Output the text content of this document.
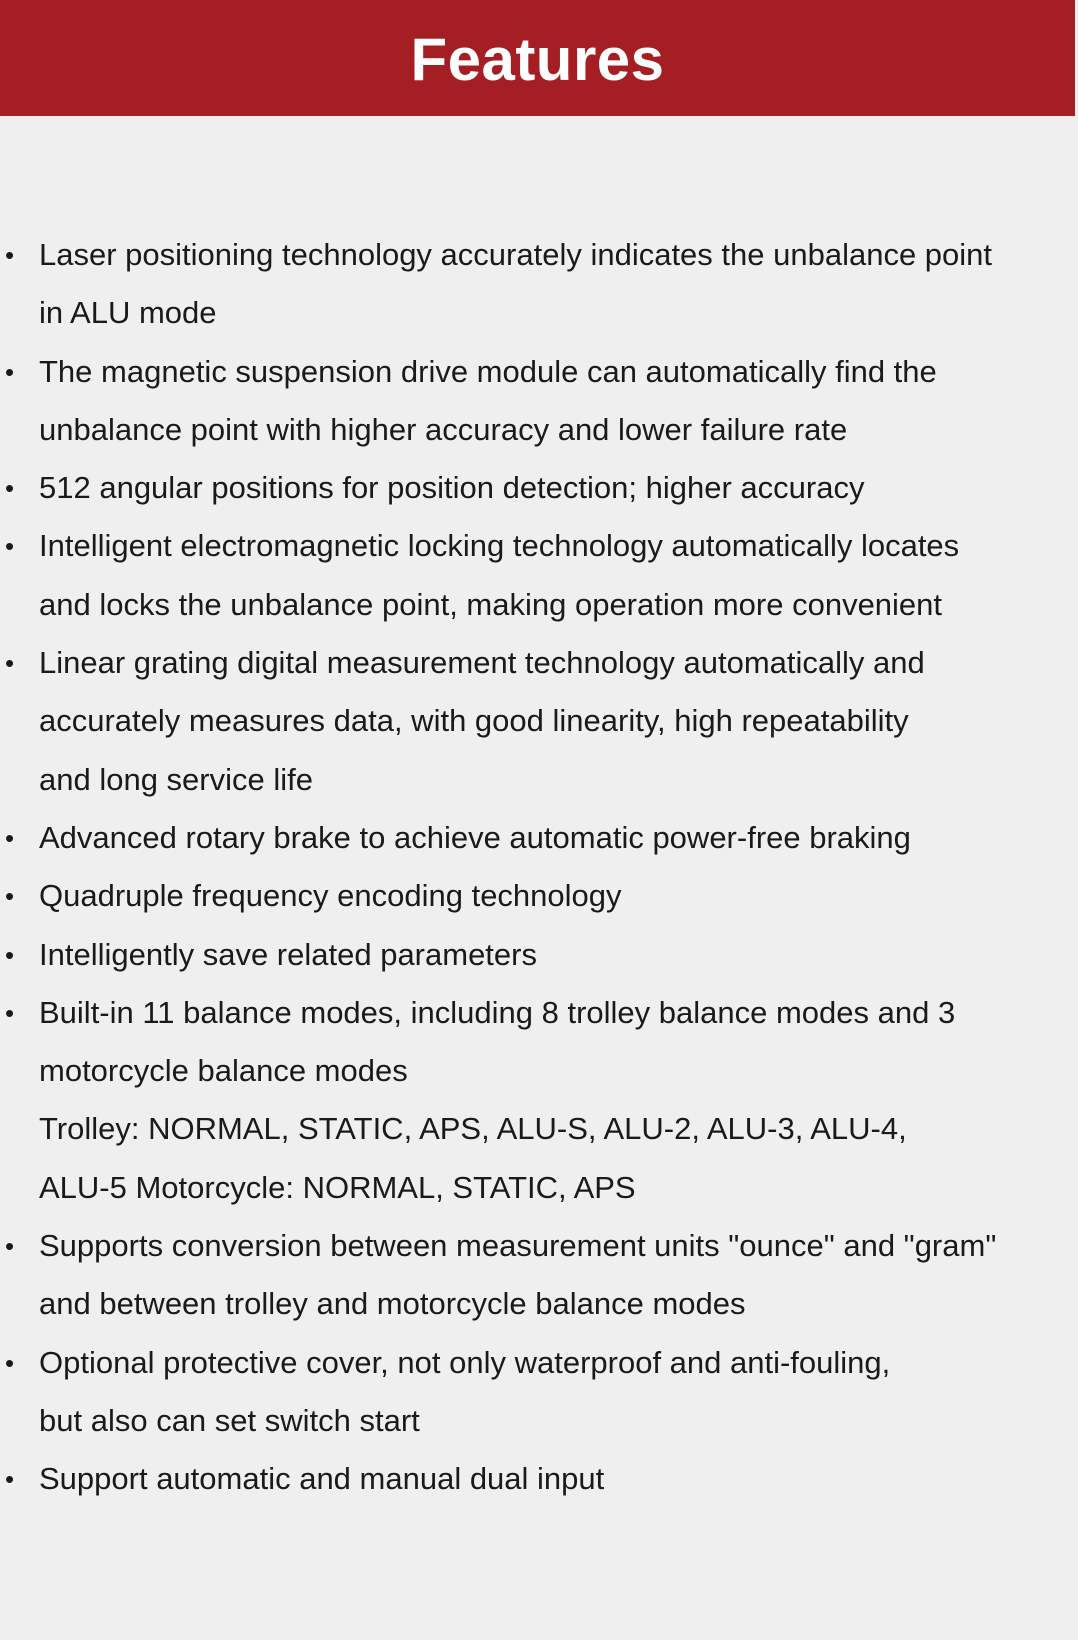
Features
• Laser positioning technology accurately indicates the unbalance point
in ALU mode
• The magnetic suspension drive module can automatically find the
unbalance point with higher accuracy and lower failure rate
• 512 angular positions for position detection; higher accuracy
• Intelligent electromagnetic locking technology automatically locates
and locks the unbalance point, making operation more convenient
• Linear grating digital measurement technology automatically and
accurately measures data, with good linearity, high repeatability
and long service life
• Advanced rotary brake to achieve automatic power-free braking
• Quadruple frequency encoding technology
• Intelligently save related parameters
• Built-in 11 balance modes, including 8 trolley balance modes and 3
motorcycle balance modes
Trolley: NORMAL, STATIC, APS, ALU-S, ALU-2, ALU-3, ALU-4,
ALU-5 Motorcycle: NORMAL, STATIC, APS
• Supports conversion between measurement units "ounce" and "gram"
and between trolley and motorcycle balance modes
• Optional protective cover, not only waterproof and anti-fouling,
but also can set switch start
• Support automatic and manual dual input
